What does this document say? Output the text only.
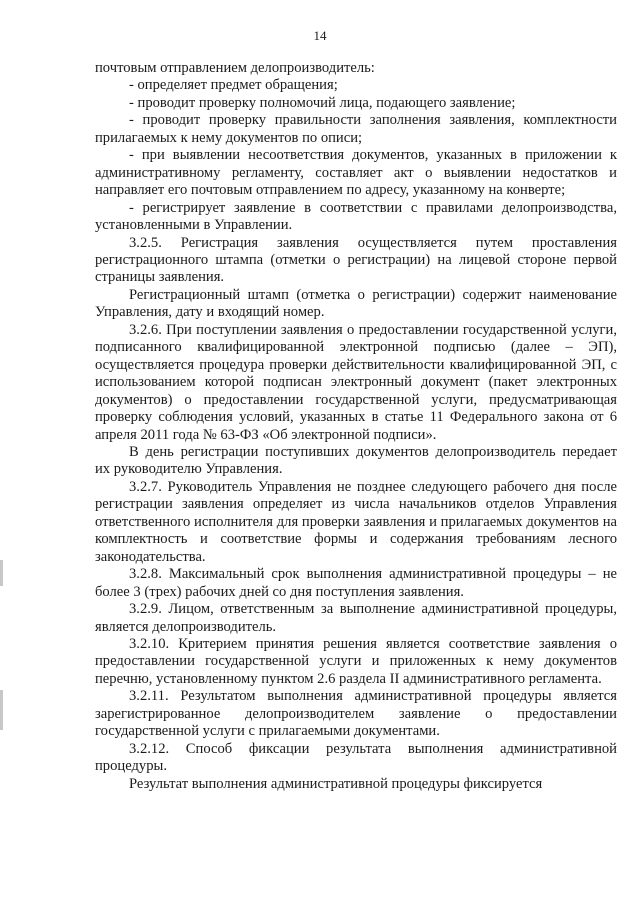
14

почтовым отправлением делопроизводитель:

- определяет предмет обращения;

- проводит проверку полномочий лица, подающего заявление;

- проводит проверку правильности заполнения заявления, комплектности прилагаемых к нему документов по описи;

- при выявлении несоответствия документов, указанных в приложении к административному регламенту, составляет акт о выявлении недостатков и направляет его почтовым отправлением по адресу, указанному на конверте;

- регистрирует заявление в соответствии с правилами делопроизводства, установленными в Управлении.

3.2.5. Регистрация заявления осуществляется путем проставления регистрационного штампа (отметки о регистрации) на лицевой стороне первой страницы заявления.

Регистрационный штамп (отметка о регистрации) содержит наименование Управления, дату и входящий номер.

3.2.6. При поступлении заявления о предоставлении государственной услуги, подписанного квалифицированной электронной подписью (далее – ЭП), осуществляется процедура проверки действительности квалифицированной ЭП, с использованием которой подписан электронный документ (пакет электронных документов) о предоставлении государственной услуги, предусматривающая проверку соблюдения условий, указанных в статье 11 Федерального закона от 6 апреля 2011 года № 63-ФЗ «Об электронной подписи».

В день регистрации поступивших документов делопроизводитель передает их руководителю Управления.

3.2.7. Руководитель Управления не позднее следующего рабочего дня после регистрации заявления определяет из числа начальников отделов Управления ответственного исполнителя для проверки заявления и прилагаемых документов на комплектность и соответствие формы и содержания требованиям лесного законодательства.

3.2.8. Максимальный срок выполнения административной процедуры – не более 3 (трех) рабочих дней со дня поступления заявления.

3.2.9. Лицом, ответственным за выполнение административной процедуры, является делопроизводитель.

3.2.10. Критерием принятия решения является соответствие заявления о предоставлении государственной услуги и приложенных к нему документов перечню, установленному пунктом 2.6 раздела II административного регламента.

3.2.11. Результатом выполнения административной процедуры является зарегистрированное делопроизводителем заявление о предоставлении государственной услуги с прилагаемыми документами.

3.2.12. Способ фиксации результата выполнения административной процедуры.

Результат выполнения административной процедуры фиксируется
